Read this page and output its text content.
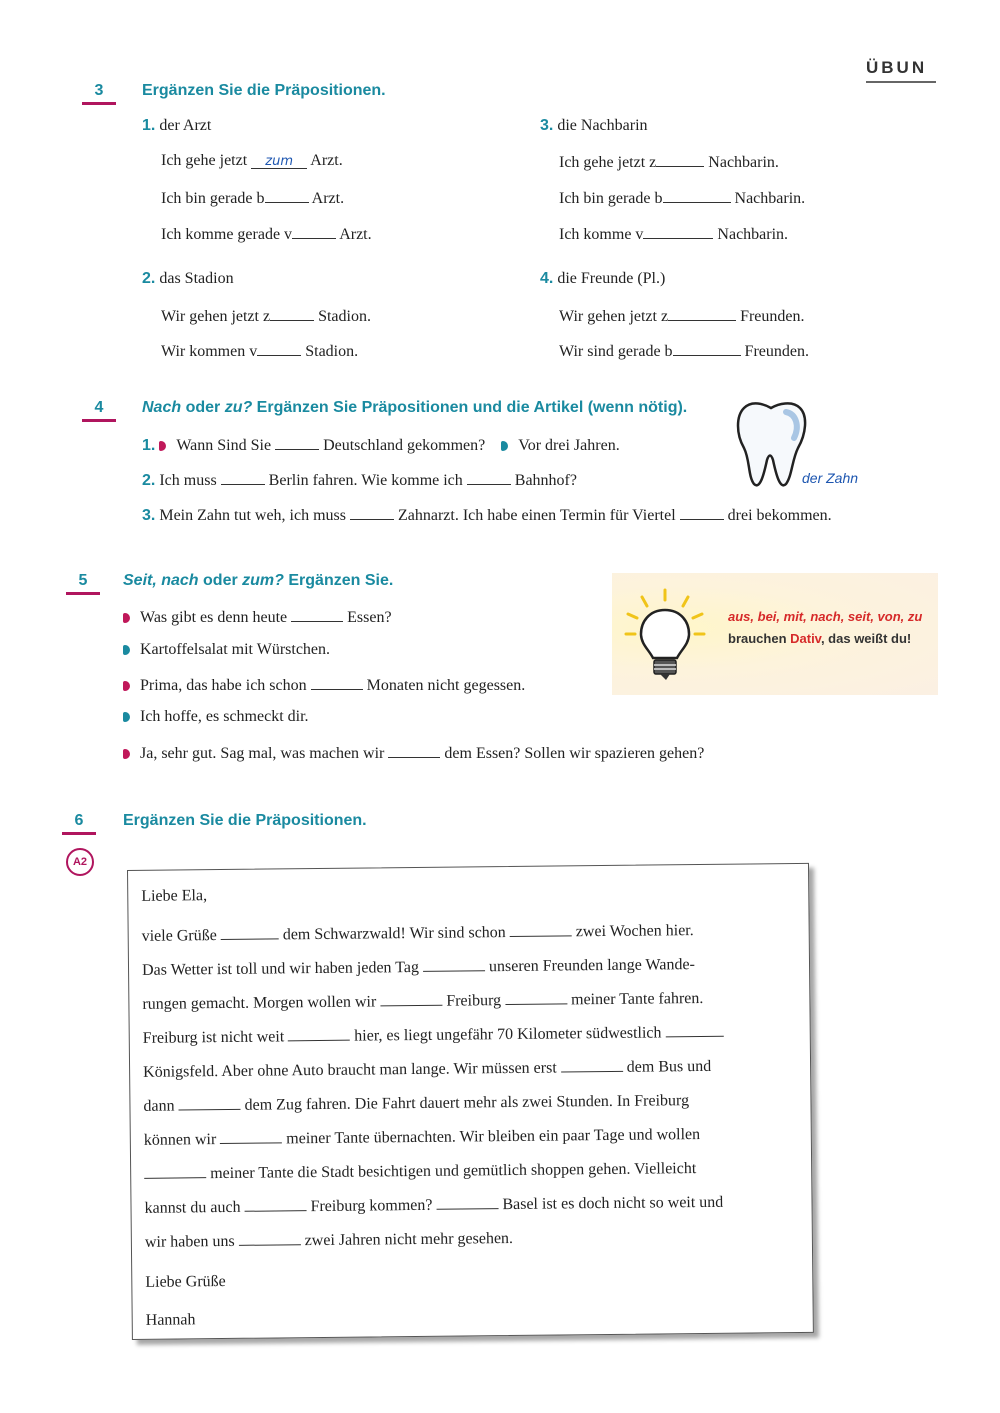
ÜBUN
3	Ergänzen Sie die Präpositionen.
1. der Arzt
Ich gehe jetzt zum Arzt.
Ich bin gerade b	Arzt.
Ich komme gerade v	Arzt.
2. das Stadion
Wir gehen jetzt z	Stadion.
Wir kommen v	Stadion.
3. die Nachbarin
Ich gehe jetzt z	Nachbarin.
Ich bin gerade b	Nachbarin.
Ich komme v	Nachbarin.
4. die Freunde (Pl.)
Wir gehen jetzt z	Freunden.
Wir sind gerade b	Freunden.
4	Nach oder zu? Ergänzen Sie Präpositionen und die Artikel (wenn nötig).
1. Wann Sind Sie	Deutschland gekommen? Vor drei Jahren.
2. Ich muss	Berlin fahren. Wie komme ich	Bahnhof?
3. Mein Zahn tut weh, ich muss	Zahnarzt. Ich habe einen Termin für Viertel	drei bekommen.
der Zahn
5	Seit, nach oder zum? Ergänzen Sie.
Was gibt es denn heute	Essen?
Kartoffelsalat mit Würstchen.
Prima, das habe ich schon	Monaten nicht gegessen.
Ich hoffe, es schmeckt dir.
Ja, sehr gut. Sag mal, was machen wir	dem Essen? Sollen wir spazieren gehen?
aus, bei, mit, nach, seit, von, zu
brauchen Dativ, das weißt du!
6	Ergänzen Sie die Präpositionen.
A2
Liebe Ela,
viele Grüße	dem Schwarzwald! Wir sind schon	zwei Wochen hier.
Das Wetter ist toll und wir haben jeden Tag	unseren Freunden lange Wande-
rungen gemacht. Morgen wollen wir	Freiburg	meiner Tante fahren.
Freiburg ist nicht weit	hier, es liegt ungefähr 70 Kilometer südwestlich
Königsfeld. Aber ohne Auto braucht man lange. Wir müssen erst	dem Bus und
dann	dem Zug fahren. Die Fahrt dauert mehr als zwei Stunden. In Freiburg
können wir	meiner Tante übernachten. Wir bleiben ein paar Tage und wollen
meiner Tante die Stadt besichtigen und gemütlich shoppen gehen. Vielleicht
kannst du auch	Freiburg kommen?	Basel ist es doch nicht so weit und
wir haben uns	zwei Jahren nicht mehr gesehen.
Liebe Grüße
Hannah
